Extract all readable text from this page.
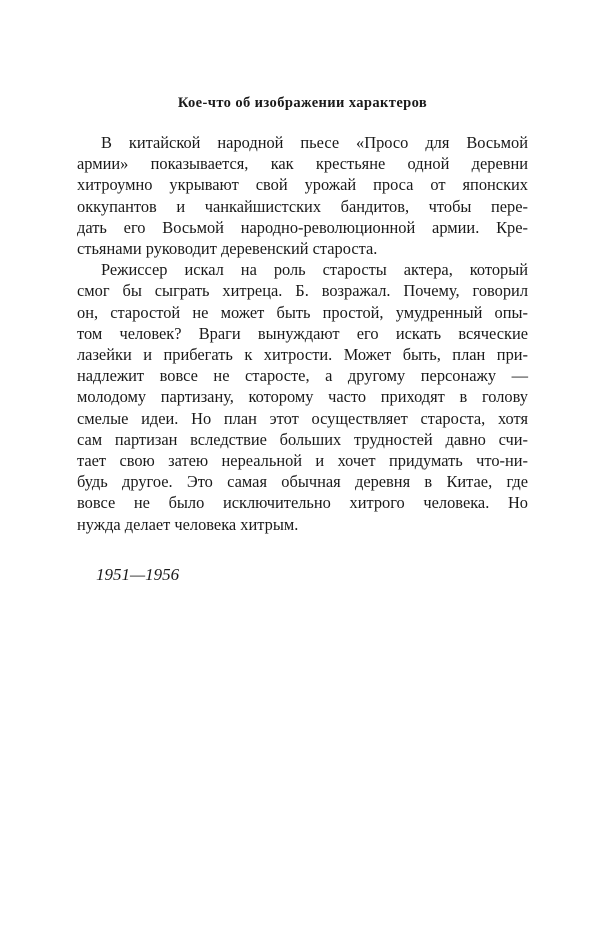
Кое-что об изображении характеров
В китайской народной пьесе «Просо для Восьмой
армии» показывается, как крестьяне одной деревни
хитроумно укрывают свой урожай проса от японских
оккупантов и чанкайшистских бандитов, чтобы пере-
дать его Восьмой народно-революционной армии. Кре-
стьянами руководит деревенский староста.
Режиссер искал на роль старосты актера, который
смог бы сыграть хитреца. Б. возражал. Почему, говорил
он, старостой не может быть простой, умудренный опы-
том человек? Враги вынуждают его искать всяческие
лазейки и прибегать к хитрости. Может быть, план при-
надлежит вовсе не старосте, а другому персонажу —
молодому партизану, которому часто приходят в голову
смелые идеи. Но план этот осуществляет староста, хотя
сам партизан вследствие больших трудностей давно счи-
тает свою затею нереальной и хочет придумать что-ни-
будь другое. Это самая обычная деревня в Китае, где
вовсе не было исключительно хитрого человека. Но
нужда делает человека хитрым.
1951—1956
